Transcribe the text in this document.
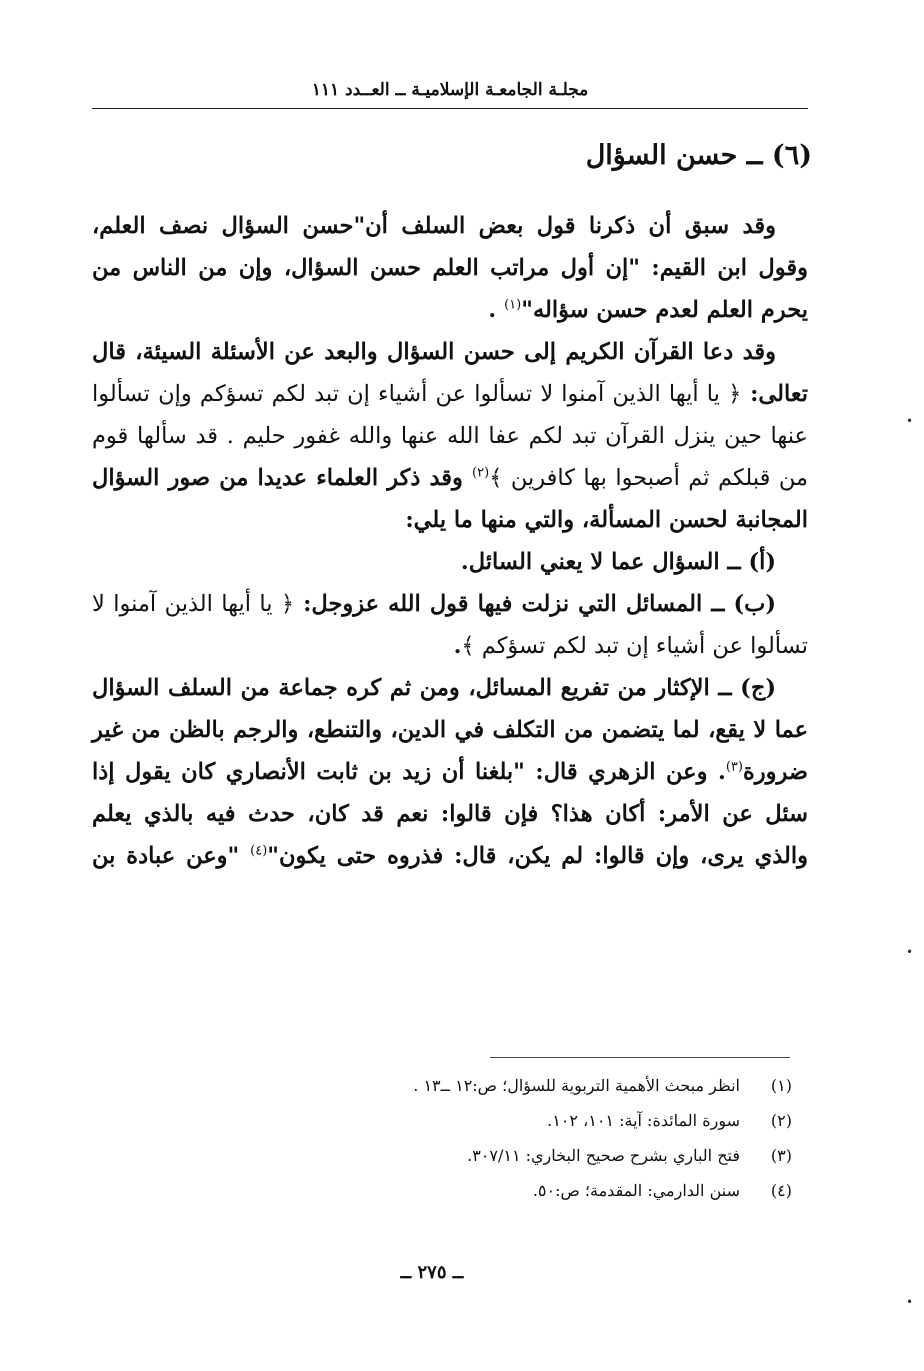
مجلـة الجامعـة الإسلاميـة ــ العــدد ١١١
(٦) ــ حسن السؤال

وقد سبق أن ذكرنا قول بعض السلف أن"حسن السؤال نصف العلم، وقول ابن القيم: "إن أول مراتب العلم حسن السؤال، وإن من الناس من يحرم العلم لعدم حسن سؤاله"$^{(١)}$ .

وقد دعا القرآن الكريم إلى حسن السؤال والبعد عن الأسئلة السيئة، قال تعالى: ﴿ يا أيها الذين آمنوا لا تسألوا عن أشياء إن تبد لكم تسؤكم وإن تسألوا عنها حين ينزل القرآن تبد لكم عفا الله عنها والله غفور حليم . قد سألها قوم من قبلكم ثم أصبحوا بها كافرين ﴾$^{(٢)}$ وقد ذكر العلماء عديدا من صور السؤال المجانبة لحسن المسألة، والتي منها ما يلي:

(أ) ــ السؤال عما لا يعني السائل.

(ب) ــ المسائل التي نزلت فيها قول الله عزوجل: ﴿ يا أيها الذين آمنوا لا تسألوا عن أشياء إن تبد لكم تسؤكم ﴾.

(ج) ــ الإكثار من تفريع المسائل، ومن ثم كره جماعة من السلف السؤال عما لا يقع، لما يتضمن من التكلف في الدين، والتنطع، والرجم بالظن من غير ضرورة$^{(٣)}$. وعن الزهري قال: "بلغنا أن زيد بن ثابت الأنصاري كان يقول إذا سئل عن الأمر: أكان هذا؟ فإن قالوا: نعم قد كان، حدث فيه بالذي يعلم والذي يرى، وإن قالوا: لم يكن، قال: فذروه حتى يكون"$^{(٤)}$ "وعن عبادة بن

(١)
انظر مبحث الأهمية التربوية للسؤال؛ ص:١٢ ــ١٣ .
(٢)
سورة المائدة: آية: ١٠١، ١٠٢.
(٣)
فتح الباري بشرح صحيح البخاري: ٣٠٧/١١.
(٤)
سنن الدارمي: المقدمة؛ ص:٥٠.
ــ ٢٧٥ ــ
•
•
•
